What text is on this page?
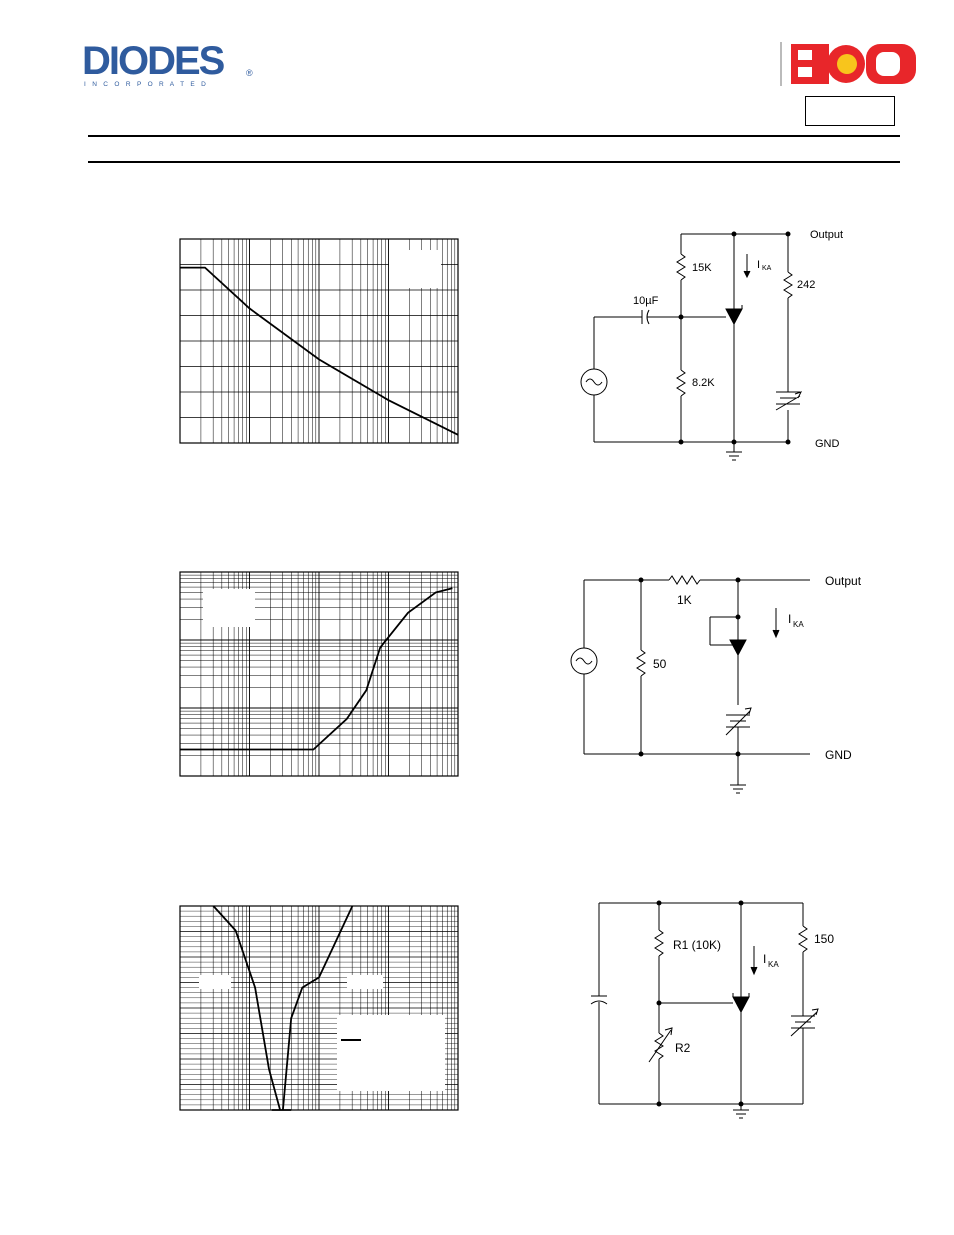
DIODES	®
I N C O R P O R A T E D
Output
GND
15K
8.2K
242
10µF
I KA
Output
GND
1K
50
I KA
R1 (10K)
R2
150
I KA
